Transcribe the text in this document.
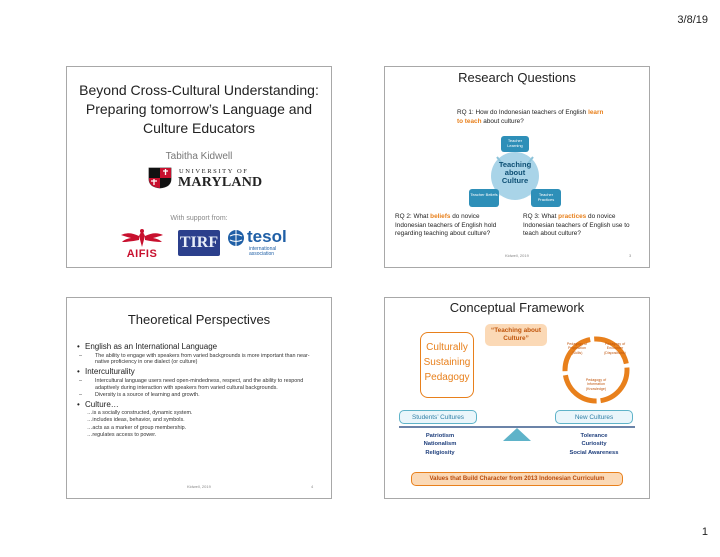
3/8/19
Beyond Cross-Cultural Understanding:
Preparing tomorrow’s Language and
Culture Educators
Tabitha Kidwell
UNIVERSITY OF
MARYLAND
With support from:
AIFIS
TIRF tesol
international
association
Research Questions
RQ 1: How do Indonesian teachers of English learn to teach about culture?
Teacher Learning
Teaching
about
Culture
Teacher Beliefs	Teacher Practices
RQ 2: What beliefs do novice Indonesian teachers of English hold regarding teaching about culture?
RQ 3: What practices do novice Indonesian teachers of English use to teach about culture?
Kidwell, 2019	3
Theoretical Perspectives
• English as an International Language
– The ability to engage with speakers from varied backgrounds is more important than near-native proficiency in one dialect (or culture)
• Interculturality
– Intercultural language users need open-mindedness, respect, and the ability to respond adaptively during interaction with speakers from varied cultural backgrounds.
– Diversity is a source of learning and growth.
• Culture…
…is a socially constructed, dynamic system.
…includes ideas, behavior, and symbols.
…acts as a marker of group membership.
…regulates access to power.
Kidwell, 2019	4
Conceptual Framework
“Teaching about Culture”
Culturally
Sustaining
Pedagogy
Pedagogy of
Proposition
(Skills)
Pedagogy of
Encounter
(Dispositions)
Pedagogy of
Information
(Knowledge)
Students’ Cultures	New Cultures
Patriotism
Nationalism
Religiosity
Tolerance
Curiosity
Social Awareness
Values that Build Character from 2013 Indonesian Curriculum
1
